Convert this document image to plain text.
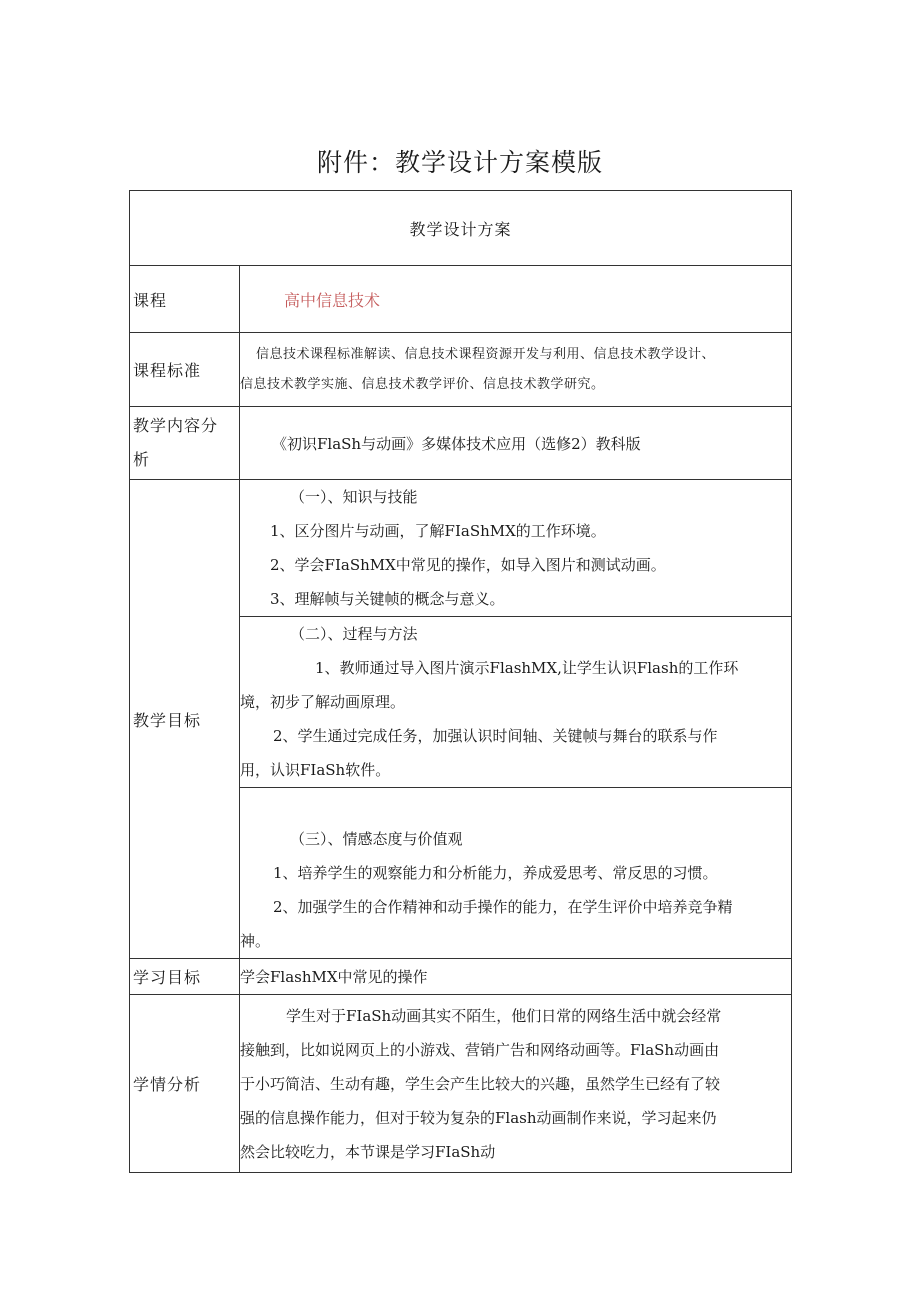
附件：教学设计方案模版
教学设计方案	
课程	高中信息技术
课程标准	信息技术课程标准解读、信息技术课程资源开发与利用、信息技术教学设计、

信息技术教学实施、信息技术教学评价、信息技术教学研究。

教学内容分
析	《初识FlaSh与动画》多媒体技术应用（选修2）教科版
教学目标	（一）、知识与技能

1、区分图片与动画，了解FIaShMX的工作环境。

2、学会FIaShMX中常见的操作，如导入图片和测试动画。

3、理解帧与关键帧的概念与意义。

	（二）、过程与方法

1、教师通过导入图片演示FlashMX,让学生认识Flash的工作环

境，初步了解动画原理。

2、学生通过完成任务，加强认识时间轴、关键帧与舞台的联系与作

用，认识FIaSh软件。

	（三）、情感态度与价值观

1、培养学生的观察能力和分析能力，养成爱思考、常反思的习惯。

2、加强学生的合作精神和动手操作的能力，在学生评价中培养竞争精

神。

学习目标	学会FlashMX中常见的操作
学情分析	学生对于FIaSh动画其实不陌生，他们日常的网络生活中就会经常

接触到，比如说网页上的小游戏、营销广告和网络动画等。FlaSh动画由

于小巧简洁、生动有趣，学生会产生比较大的兴趣，虽然学生已经有了较

强的信息操作能力，但对于较为复杂的Flash动画制作来说，学习起来仍

然会比较吃力，本节课是学习FIaSh动
